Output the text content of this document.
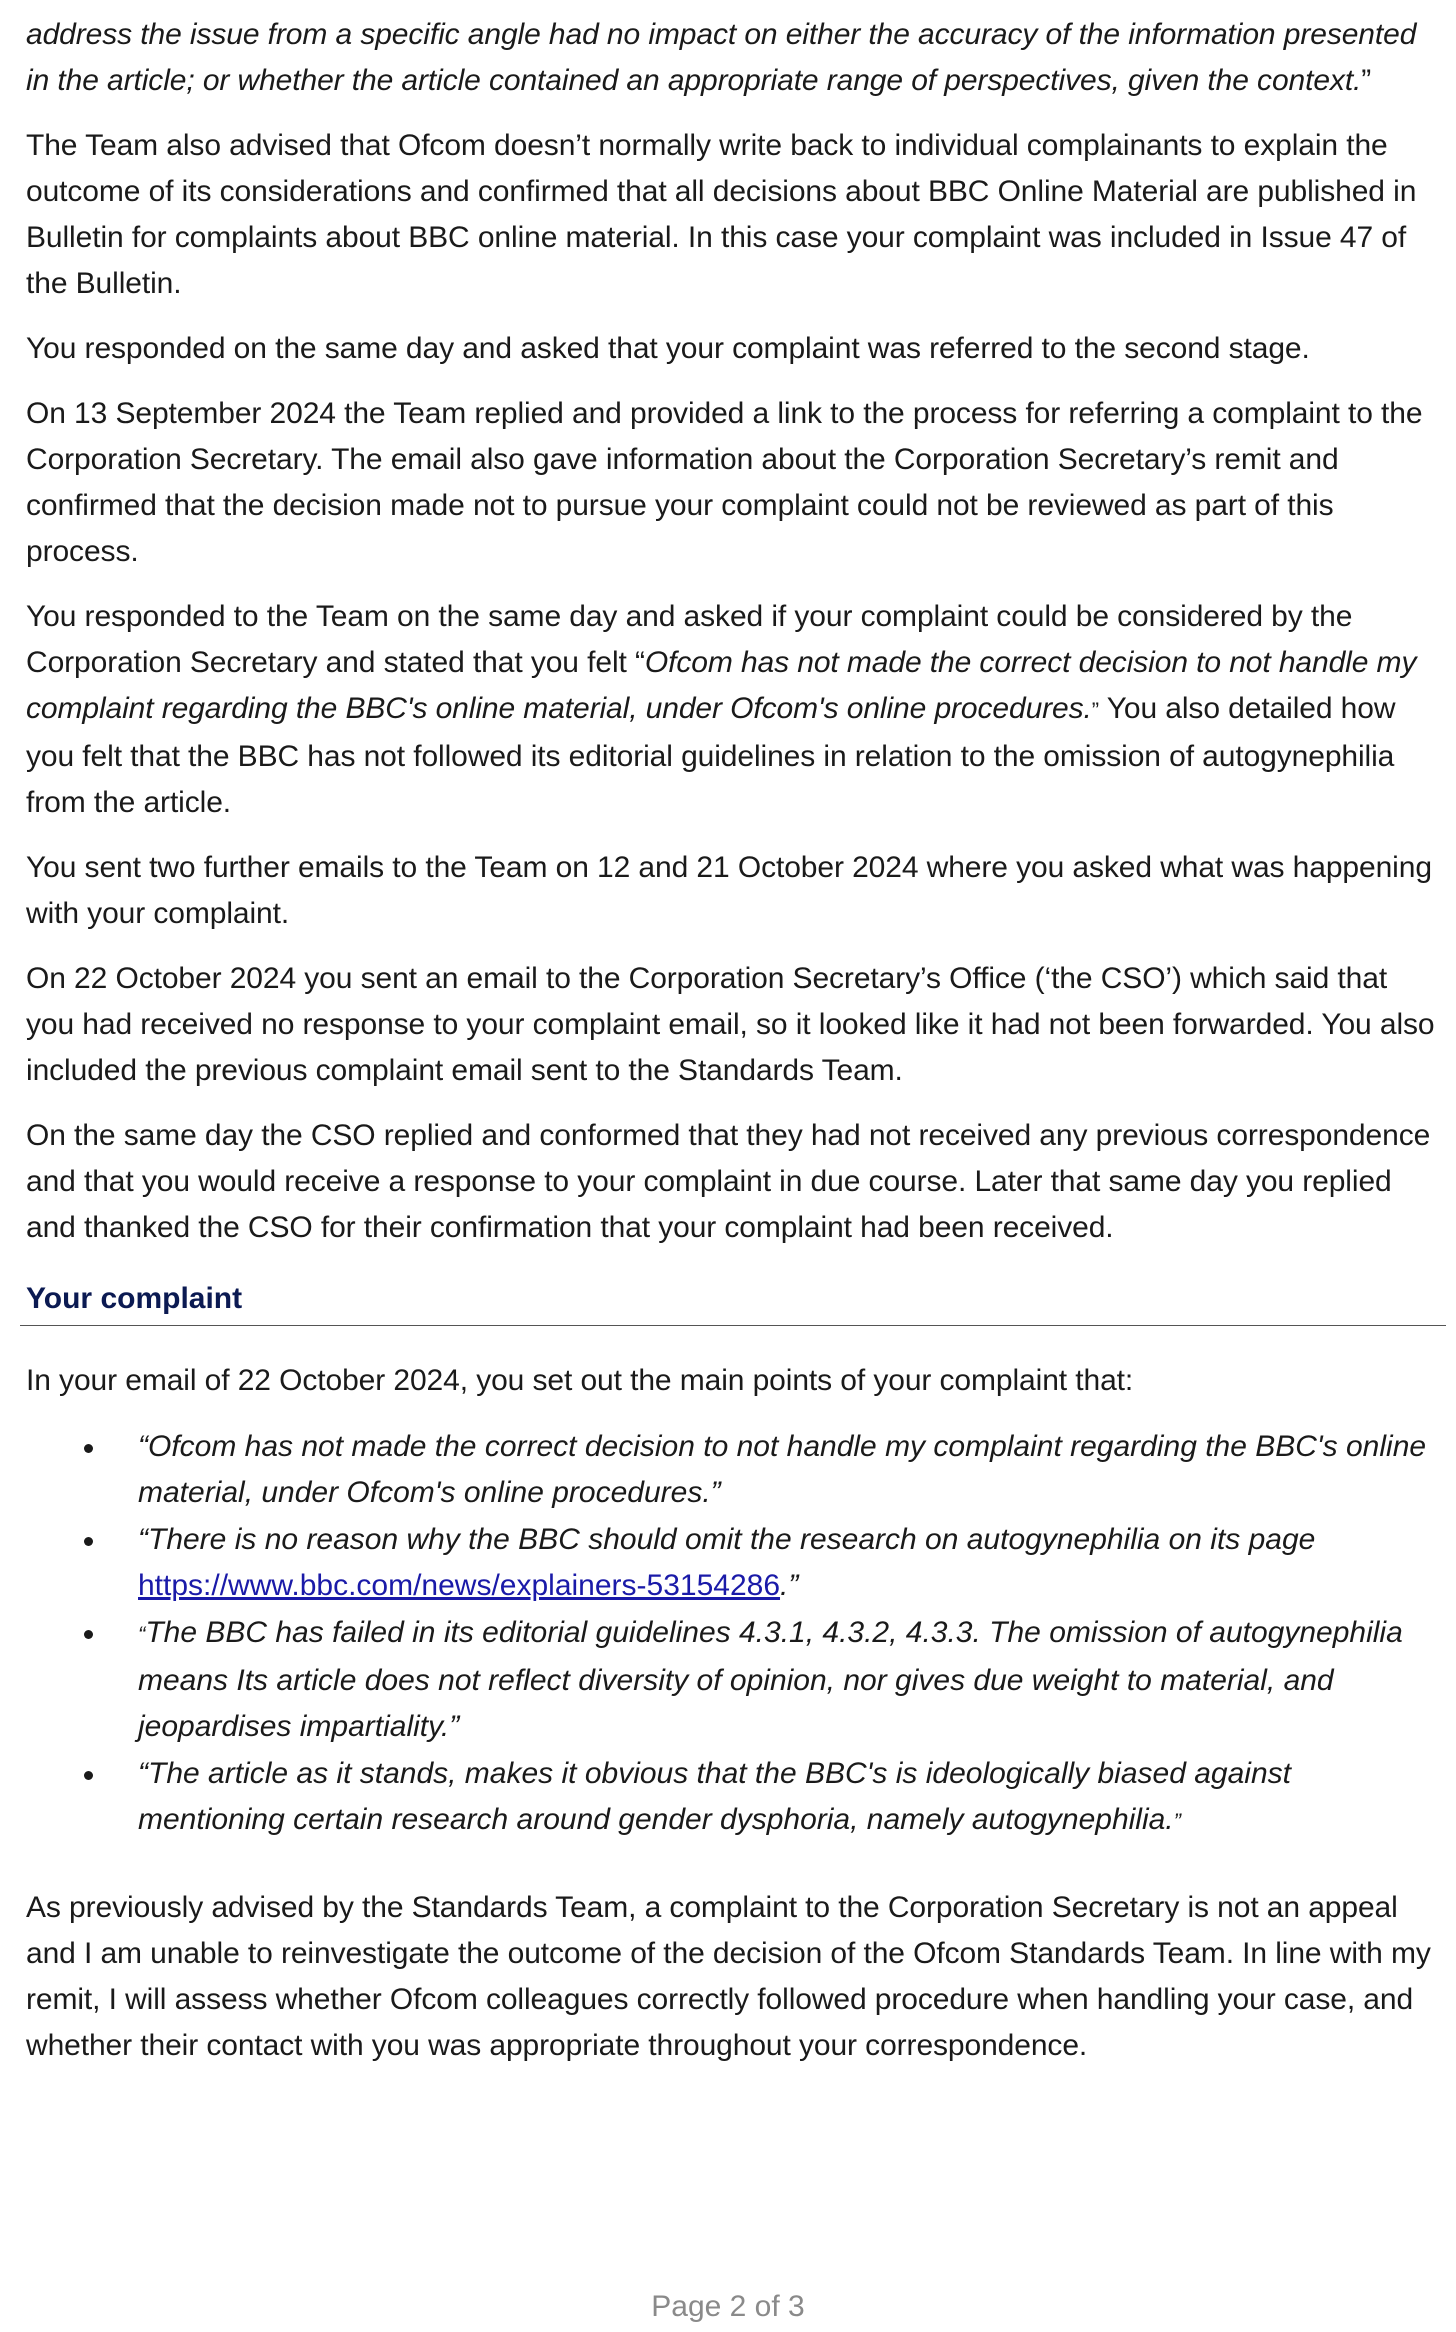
address the issue from a specific angle had no impact on either the accuracy of the information presented in the article; or whether the article contained an appropriate range of perspectives, given the context.”

The Team also advised that Ofcom doesn’t normally write back to individual complainants to explain the outcome of its considerations and confirmed that all decisions about BBC Online Material are published in Bulletin for complaints about BBC online material. In this case your complaint was included in Issue 47 of the Bulletin.

You responded on the same day and asked that your complaint was referred to the second stage.

On 13 September 2024 the Team replied and provided a link to the process for referring a complaint to the Corporation Secretary. The email also gave information about the Corporation Secretary’s remit and confirmed that the decision made not to pursue your complaint could not be reviewed as part of this process.

You responded to the Team on the same day and asked if your complaint could be considered by the Corporation Secretary and stated that you felt “Ofcom has not made the correct decision to not handle my complaint regarding the BBC's online material, under Ofcom's online procedures.” You also detailed how you felt that the BBC has not followed its editorial guidelines in relation to the omission of autogynephilia from the article.

You sent two further emails to the Team on 12 and 21 October 2024 where you asked what was happening with your complaint.

On 22 October 2024 you sent an email to the Corporation Secretary’s Office (‘the CSO’) which said that you had received no response to your complaint email, so it looked like it had not been forwarded. You also included the previous complaint email sent to the Standards Team.

On the same day the CSO replied and conformed that they had not received any previous correspondence and that you would receive a response to your complaint in due course. Later that same day you replied and thanked the CSO for their confirmation that your complaint had been received.

Your complaint

In your email of 22 October 2024, you set out the main points of your complaint that:

“Ofcom has not made the correct decision to not handle my complaint regarding the BBC's online material, under Ofcom's online procedures.”
“There is no reason why the BBC should omit the research on autogynephilia on its page https://www.bbc.com/news/explainers-53154286.”
“The BBC has failed in its editorial guidelines 4.3.1, 4.3.2, 4.3.3. The omission of autogynephilia means Its article does not reflect diversity of opinion, nor gives due weight to material, and jeopardises impartiality.”
“The article as it stands, makes it obvious that the BBC's is ideologically biased against mentioning certain research around gender dysphoria, namely autogynephilia.”

As previously advised by the Standards Team, a complaint to the Corporation Secretary is not an appeal and I am unable to reinvestigate the outcome of the decision of the Ofcom Standards Team. In line with my remit, I will assess whether Ofcom colleagues correctly followed procedure when handling your case, and whether their contact with you was appropriate throughout your correspondence.

Page 2 of 3
